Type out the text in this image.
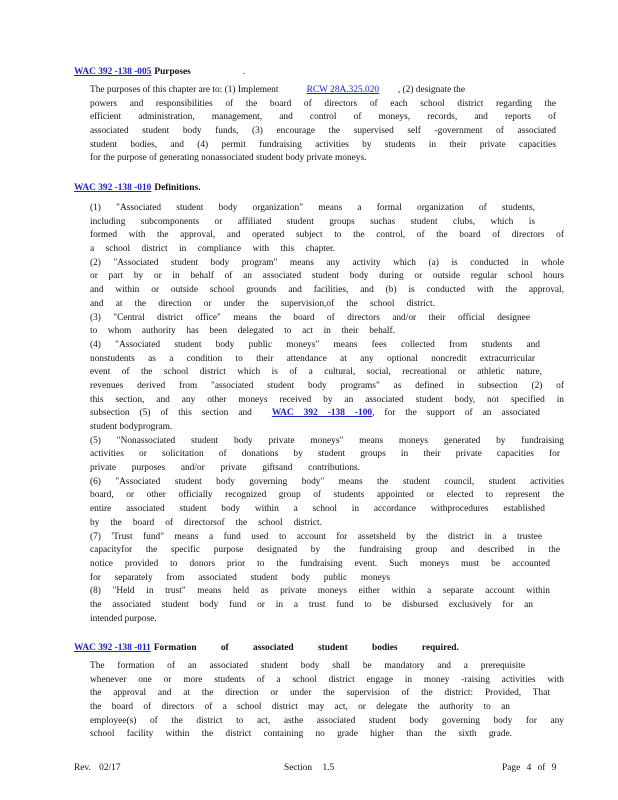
WAC 392 -138 -005 Purposes	.
The purposes of this chapter are to: (1) Implement	RCW 28A.325.020 , (2) designate the
powers and responsibilities of the board of directors of each school district regarding the
efficient administration, management, and control of moneys, records, and reports of
associated student body funds, (3) encourage the supervised self -government of associated
student bodies, and (4) permit fundraising activities by students in their private capacities
for the purpose of generating nonassociated student body private moneys.
WAC 392 -138 -010 Definitions.
(1) "Associated student body organization" means a formal organization of students,
including subcomponents or affiliated student groups suchas student clubs, which is
formed with the approval, and operated subject to the control, of the board of directors of
a school district in compliance with this chapter.
(2) "Associated student body program" means any activity which (a) is conducted in whole
or part by or in behalf of an associated student body during or outside regular school hours
and within or outside school grounds and facilities, and (b) is conducted with the approval,
and at the direction or under the supervision,of the school district.
(3) "Central district office" means the board of directors and/or their official designee
to whom authority has been delegated to act in their behalf.
(4) "Associated student body public moneys" means fees collected from students and
nonstudents as a condition to their attendance at any optional noncredit extracurricular
event of the school district which is of a cultural, social, recreational or athletic nature,
revenues derived from "associated student body programs" as defined in subsection (2) of
this section, and any other moneys received by an associated student body, not specified in
subsection (5) of this section and WAC 392 -138 -100, for the support of an associated
student bodyprogram.
(5) "Nonassociated student body private moneys" means moneys generated by fundraising
activities or solicitation of donations by student groups in their private capacities for
private purposes and/or private giftsand contributions.
(6) "Associated student body governing body" means the student council, student activities
board, or other officially recognized group of students appointed or elected to represent the
entire associated student body within a school in accordance withprocedures established
by the board of directorsof the school district.
(7) 'Trust fund" means a fund used to account for assetsheld by the district in a trustee
capacityfor the specific purpose designated by the fundraising group and described in the
notice provided to donors prior to the fundraising event. Such moneys must be accounted
for separately from associated student body public moneys
(8) "Held in trust" means held as private moneys either within a separate account within
the associated student body fund or in a trust fund to be disbursed exclusively for an
intended purpose.
WAC 392 -138 -011 Formation of associated student bodies required.
The formation of an associated student body shall be mandatory and a prerequisite
whenever one or more students of a school district engage in money -raising activities with
the approval and at the direction or under the supervision of the district: Provided, That
the board of directors of a school district may act, or delegate the authority to an
employee(s) of the district to act, asthe associated student body governing body for any
school facility within the district containing no grade higher than the sixth grade.
Rev. 02/17	Section 1.5	Page 4 of 9
